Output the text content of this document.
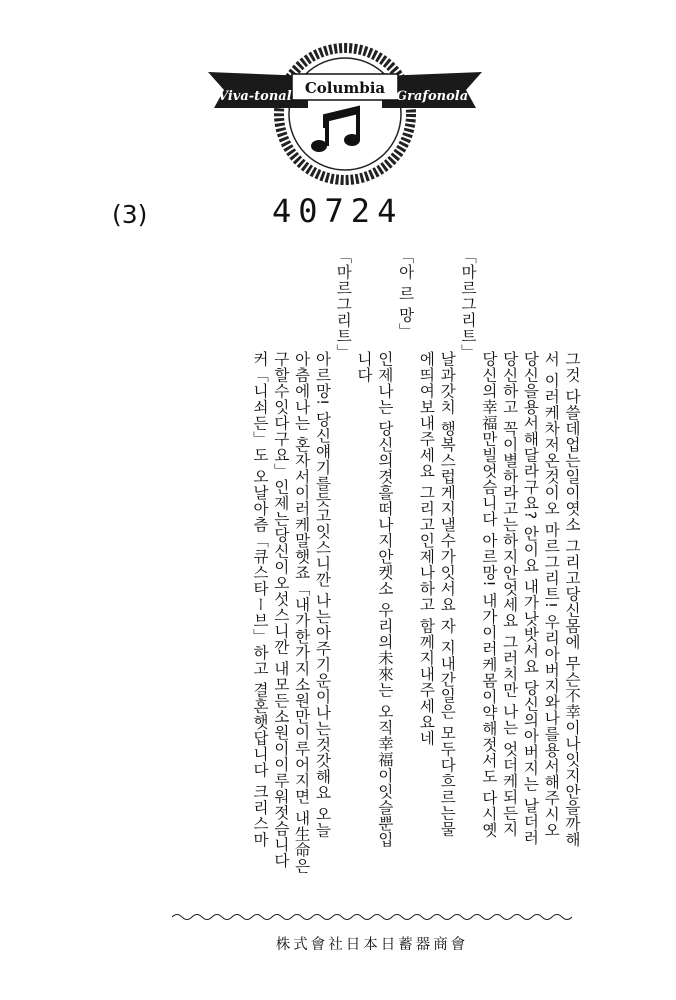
Viva-tonal Columbia Grafonola
(3)	40724
그것 다쓸데업는일이엿소 그리고당신몸에 무슨不幸이나잇지안을까해
서 이러케차저온것이오 마르그리트! 우리아버지와나를용서해주시오
당신을용서해달라구요? 안이요 내가낫밧서요 당신의아버지는 날더러
당신하고 꼭이별하라고는하지안엇세요 그러치만 나는 엇더케되든지
당신의幸福만빌엇슴니다 아르망! 내가이러케몸이약해젓서도 다시옛
「마르그리트」
날과갓치 행복스럽게지낼수가잇서요 자 지내간일은 모두다흐르는물
에띄여보내주세요 그리고인제나하고 함께지내주세요네
「아 르 망」
인제나는 당신의겻흘떠나지안켓소 우리의未來는 오직幸福이잇슬뿐입
니다
「마르그리트」
아르망! 당신얘기를듯고잇스니깐 나는아주기운이나는것갓해요 오늘
아츰에나는 혼자서이러케말햇죠「내가한가지소원만이루어지면 내生命은
구할수잇다구요」인제는당신이오섯스니깐 내모든소원이이루워젓슴니다
커「니쇠든」도 오날아츰「큐스타ー브」하고 결혼햇답니다 크리스마
會商器蓄日本日社會式株
